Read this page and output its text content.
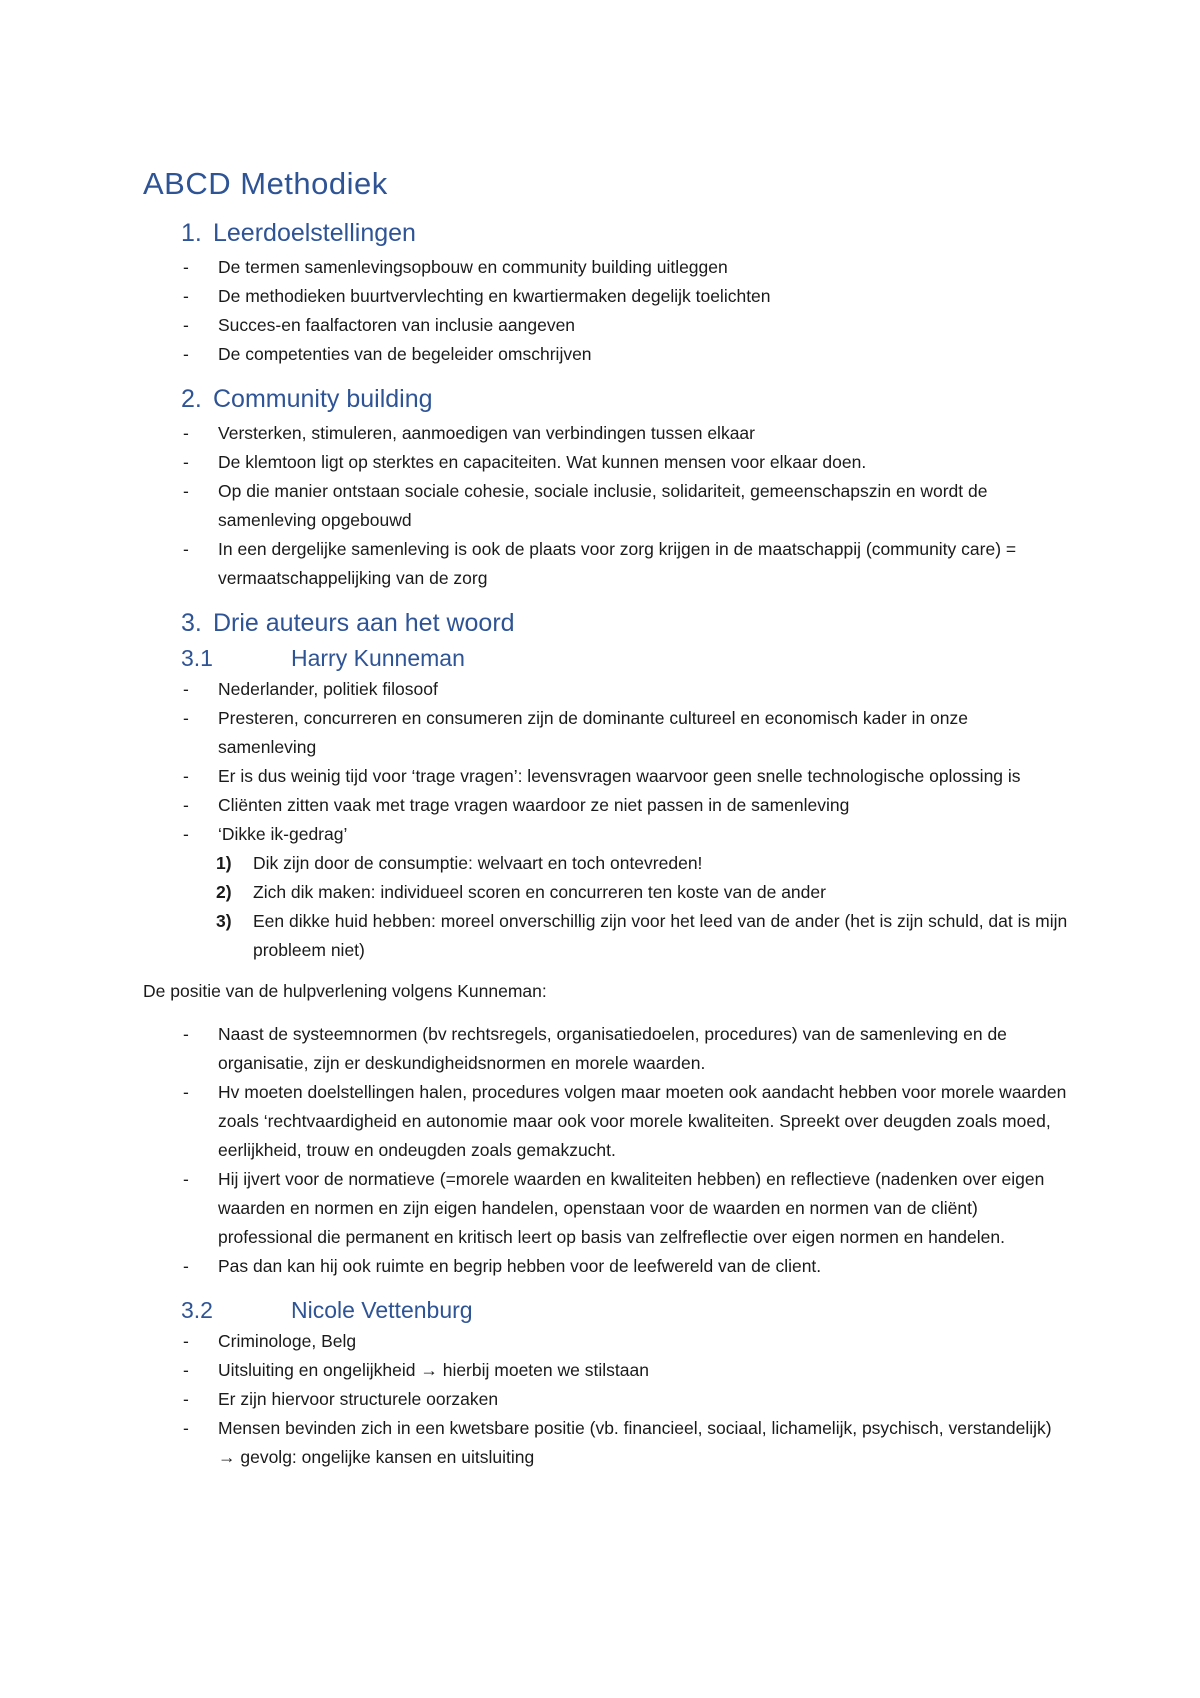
ABCD Methodiek
1. Leerdoelstellingen
- De termen samenlevingsopbouw en community building uitleggen
- De methodieken buurtvervlechting en kwartiermaken degelijk toelichten
- Succes-en faalfactoren van inclusie aangeven
- De competenties van de begeleider omschrijven
2. Community building
- Versterken, stimuleren, aanmoedigen van verbindingen tussen elkaar
- De klemtoon ligt op sterktes en capaciteiten. Wat kunnen mensen voor elkaar doen.
- Op die manier ontstaan sociale cohesie, sociale inclusie, solidariteit, gemeenschapszin en wordt de samenleving opgebouwd
- In een dergelijke samenleving is ook de plaats voor zorg krijgen in de maatschappij (community care) = vermaatschappelijking van de zorg
3. Drie auteurs aan het woord
3.1	Harry Kunneman
- Nederlander, politiek filosoof
- Presteren, concurreren en consumeren zijn de dominante cultureel en economisch kader in onze samenleving
- Er is dus weinig tijd voor ‘trage vragen’: levensvragen waarvoor geen snelle technologische oplossing is
- Cliënten zitten vaak met trage vragen waardoor ze niet passen in de samenleving
- ‘Dikke ik-gedrag’
1) Dik zijn door de consumptie: welvaart en toch ontevreden!
2) Zich dik maken: individueel scoren en concurreren ten koste van de ander
3) Een dikke huid hebben: moreel onverschillig zijn voor het leed van de ander (het is zijn schuld, dat is mijn probleem niet)

De positie van de hulpverlening volgens Kunneman:

- Naast de systeemnormen (bv rechtsregels, organisatiedoelen, procedures) van de samenleving en de organisatie, zijn er deskundigheidsnormen en morele waarden.
- Hv moeten doelstellingen halen, procedures volgen maar moeten ook aandacht hebben voor morele waarden zoals ‘rechtvaardigheid en autonomie maar ook voor morele kwaliteiten. Spreekt over deugden zoals moed, eerlijkheid, trouw en ondeugden zoals gemakzucht.
- Hij ijvert voor de normatieve (=morele waarden en kwaliteiten hebben) en reflectieve (nadenken over eigen waarden en normen en zijn eigen handelen, openstaan voor de waarden en normen van de cliënt) professional die permanent en kritisch leert op basis van zelfreflectie over eigen normen en handelen.
- Pas dan kan hij ook ruimte en begrip hebben voor de leefwereld van de client.
3.2	Nicole Vettenburg
- Criminologe, Belg
- Uitsluiting en ongelijkheid → hierbij moeten we stilstaan
- Er zijn hiervoor structurele oorzaken
- Mensen bevinden zich in een kwetsbare positie (vb. financieel, sociaal, lichamelijk, psychisch, verstandelijk) → gevolg: ongelijke kansen en uitsluiting
